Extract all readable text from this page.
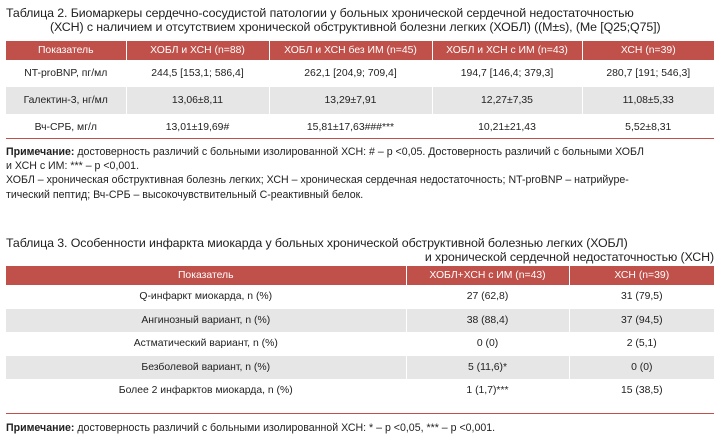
Таблица 2. Биомаркеры сердечно-сосудистой патологии у больных хронической сердечной недостаточностью
(ХСН) с наличием и отсутствием хронической обструктивной болезни легких (ХОБЛ) ((M±s), (Me [Q25;Q75])
Показатель	ХОБЛ и ХСН (n=88)	ХОБЛ и ХСН без ИМ (n=45)	ХОБЛ и ХСН с ИМ (n=43)	ХСН (n=39)
NT-proBNP, пг/мл	244,5 [153,1; 586,4]	262,1 [204,9; 709,4]	194,7 [146,4; 379,3]	280,7 [191; 546,3]
Галектин-3, нг/мл	13,06±8,11	13,29±7,91	12,27±7,35	11,08±5,33
Вч-СРБ, мг/л	13,01±19,69#	15,81±17,63###***	10,21±21,43	5,52±8,31
Примечание: достоверность различий с больными изолированной ХСН: # – р <0,05. Достоверность различий с больными ХОБЛ
и ХСН с ИМ: *** – р <0,001.
ХОБЛ – хроническая обструктивная болезнь легких; ХСН – хроническая сердечная недостаточность; NT-proBNP – натрийуре-
тический пептид; Вч-СРБ – высокочувствительный С-реактивный белок.
Таблица 3. Особенности инфаркта миокарда у больных хронической обструктивной болезнью легких (ХОБЛ)
и хронической сердечной недостаточностью (ХСН)
Показатель	ХОБЛ+ХСН с ИМ (n=43)	ХСН (n=39)
Q-инфаркт миокарда, n (%)	27 (62,8)	31 (79,5)
Ангинозный вариант, n (%)	38 (88,4)	37 (94,5)
Астматический вариант, n (%)	0 (0)	2 (5,1)
Безболевой вариант, n (%)	5 (11,6)*	0 (0)
Более 2 инфарктов миокарда, n (%)	1 (1,7)***	15 (38,5)
Примечание: достоверность различий с больными изолированной ХСН: * – р <0,05, *** – р <0,001.
